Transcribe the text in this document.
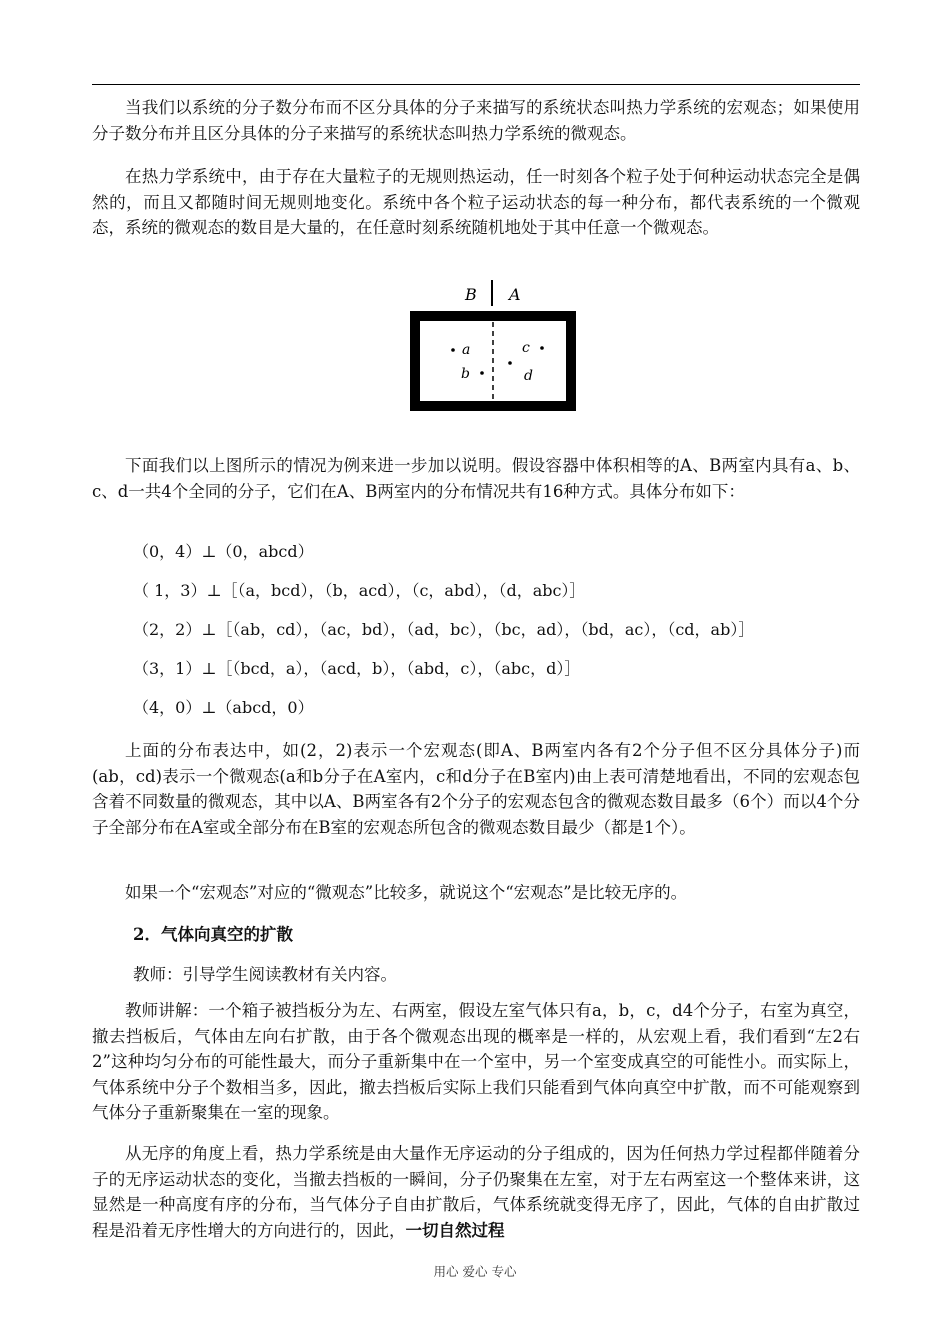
当我们以系统的分子数分布而不区分具体的分子来描写的系统状态叫热力学系统的宏观态；如果使用分子数分布并且区分具体的分子来描写的系统状态叫热力学系统的微观态。

在热力学系统中，由于存在大量粒子的无规则热运动，任一时刻各个粒子处于何种运动状态完全是偶然的，而且又都随时间无规则地变化。系统中各个粒子运动状态的每一种分布，都代表系统的一个微观态，系统的微观态的数目是大量的，在任意时刻系统随机地处于其中任意一个微观态。

B A
a
b
c
d

下面我们以上图所示的情况为例来进一步加以说明。假设容器中体积相等的A、B两室内具有a、b、c、d一共4个全同的分子，它们在A、B两室内的分布情况共有16种方式。具体分布如下：

（0，4）⊥（0，abcd）

（ 1，3）⊥［（a，bcd），（b，acd），（c，abd），（d，abc）］

（2，2）⊥［（ab，cd），（ac，bd），（ad，bc），（bc，ad），（bd，ac），（cd，ab）］

（3，1）⊥［（bcd，a），（acd，b），（abd，c），（abc，d）］

（4，0）⊥（abcd，0）

上面的分布表达中，如(2，2)表示一个宏观态(即A、B两室内各有2个分子但不区分具体分子)而(ab，cd)表示一个微观态(a和b分子在A室内，c和d分子在B室内)由上表可清楚地看出，不同的宏观态包含着不同数量的微观态，其中以A、B两室各有2个分子的宏观态包含的微观态数目最多（6个）而以4个分子全部分布在A室或全部分布在B室的宏观态所包含的微观态数目最少（都是1个）。

如果一个“宏观态”对应的“微观态”比较多，就说这个“宏观态”是比较无序的。

2．气体向真空的扩散

教师：引导学生阅读教材有关内容。

教师讲解：一个箱子被挡板分为左、右两室，假设左室气体只有a，b，c，d4个分子，右室为真空，撤去挡板后，气体由左向右扩散，由于各个微观态出现的概率是一样的，从宏观上看，我们看到“左2右2”这种均匀分布的可能性最大，而分子重新集中在一个室中，另一个室变成真空的可能性小。而实际上，气体系统中分子个数相当多，因此，撤去挡板后实际上我们只能看到气体向真空中扩散，而不可能观察到气体分子重新聚集在一室的现象。

从无序的角度上看，热力学系统是由大量作无序运动的分子组成的，因为任何热力学过程都伴随着分子的无序运动状态的变化，当撤去挡板的一瞬间，分子仍聚集在左室，对于左右两室这一个整体来讲，这显然是一种高度有序的分布，当气体分子自由扩散后，气体系统就变得无序了，因此，气体的自由扩散过程是沿着无序性增大的方向进行的，因此，一切自然过程

用心 爱心 专心
